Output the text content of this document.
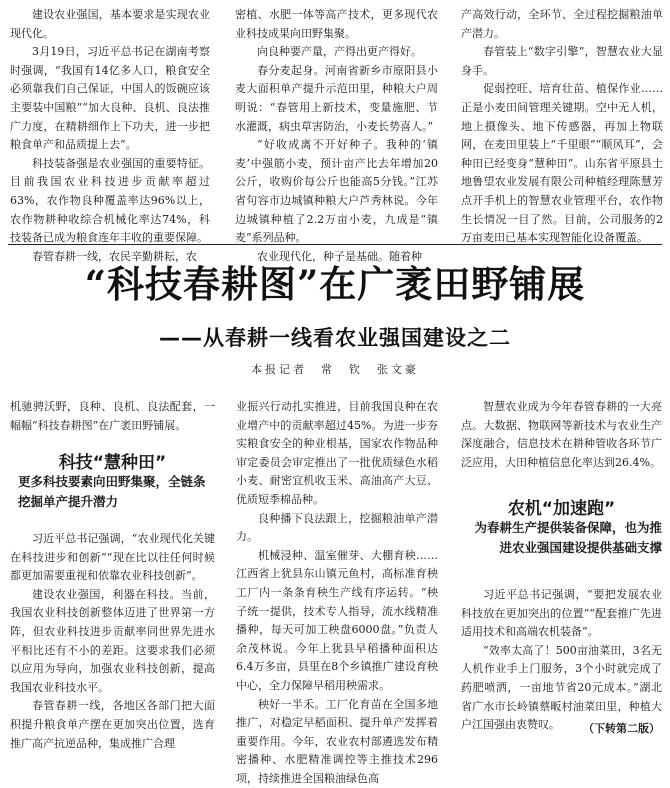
建设农业强国，基本要求是实现农业现代化。

3月19日，习近平总书记在湖南考察时强调，“我国有14亿多人口，粮食安全必须靠我们自己保证，中国人的饭碗应该主要装中国粮”“加大良种、良机、良法推广力度，在精耕细作上下功夫，进一步把粮食单产和品质提上去”。

科技装备强是农业强国的重要特征。目前我国农业科技进步贡献率超过63%，农作物良种覆盖率达96%以上，农作物耕种收综合机械化率达74%，科技装备已成为粮食连年丰收的重要保障。

春管春耕一线，农民辛勤耕耘，农

密植、水肥一体等高产技术，更多现代农业科技成果向田野集聚。

向良种要产量，产得出更产得好。

春分麦起身。河南省新乡市原阳县小麦大面积单产提升示范田里，种粮大户周明说：“春管用上新技术，变量施肥、节水灌溉，病虫草害防治，小麦长势喜人。”

“好收成离不开好种子。我种的‘镇麦’中强筋小麦，预计亩产比去年增加20公斤，收购价每公斤也能高5分钱。”江苏省句容市边城镇种粮大户芦秀林说。今年边城镇种植了2.2万亩小麦，九成是“镇麦”系列品种。

农业现代化，种子是基础。随着种

产高效行动，全环节、全过程挖掘粮油单产潜力。

春管装上“数字引擎”，智慧农业大显身手。

促弱控旺、培育壮苗、植保作业……正是小麦田间管理关键期。空中无人机，地上摄像头、地下传感器，再加上物联网，在麦田里装上“千里眼”“顺风耳”，会种田已经变身“慧种田”。山东省平原县土地鲁望农业发展有限公司种植经理陈慧芳点开手机上的智慧农业管理平台，农作物生长情况一目了然。目前，公司服务的2万亩麦田已基本实现智能化设备覆盖。

“科技春耕图”在广袤田野铺展
——从春耕一线看农业强国建设之二
本报记者　常　钦　张文豪

机驰骋沃野，良种、良机、良法配套，一幅幅“科技春耕图”在广袤田野铺展。

科技“慧种田”
更多科技要素向田野集聚，全链条挖掘单产提升潜力

习近平总书记强调，“农业现代化关键在科技进步和创新”“现在比以往任何时候都更加需要重视和依靠农业科技创新”。

建设农业强国，利器在科技。当前，我国农业科技创新整体迈进了世界第一方阵，但农业科技进步贡献率同世界先进水平相比还有不小的差距。这要求我们必须以应用为导向，加强农业科技创新，提高我国农业科技水平。

春管春耕一线，各地区各部门把大面积提升粮食单产摆在更加突出位置，选育推广高产抗逆品种，集成推广合理

业振兴行动扎实推进，目前我国良种在农业增产中的贡献率超过45%。为进一步夯实粮食安全的种业根基，国家农作物品种审定委员会审定推出了一批优质绿色水稻小麦、耐密宜机收玉米、高油高产大豆、优质短季棉品种。

良种播下良法跟上，挖掘粮油单产潜力。

机械浸种、温室催芽、大棚育秧……江西省上犹县东山镇元鱼村，高标准育秧工厂内一条条育秧生产线有序运转。“秧子统一提供，技术专人指导，流水线精准播种，每天可加工秧盘6000盘。”负责人余茂林说。今年上犹县早稻播种面积达6.4万多亩，县里在8个乡镇推广建设育秧中心，全力保障早稻用秧需求。

秧好一半禾。工厂化育苗在全国多地推广，对稳定早稻面积、提升单产发挥着重要作用。今年，农业农村部遴选发布精密播种、水肥精准调控等主推技术296项，持续推进全国粮油绿色高

智慧农业成为今年春管春耕的一大亮点。大数据、物联网等新技术与农业生产深度融合，信息技术在耕种管收各环节广泛应用，大田种植信息化率达到26.4%。

农机“加速跑”
为春耕生产提供装备保障，也为推进农业强国建设提供基础支撑

习近平总书记强调，“要把发展农业科技放在更加突出的位置”“配套推广先进适用技术和高端农机装备”。

“效率太高了！500亩油菜田，3名无人机作业手上门服务，3个小时就完成了药肥喷洒，一亩地节省20元成本。”湖北省广水市长岭镇蔡畈村油菜田里，种植大户江国强由衷赞叹。	（下转第二版）
